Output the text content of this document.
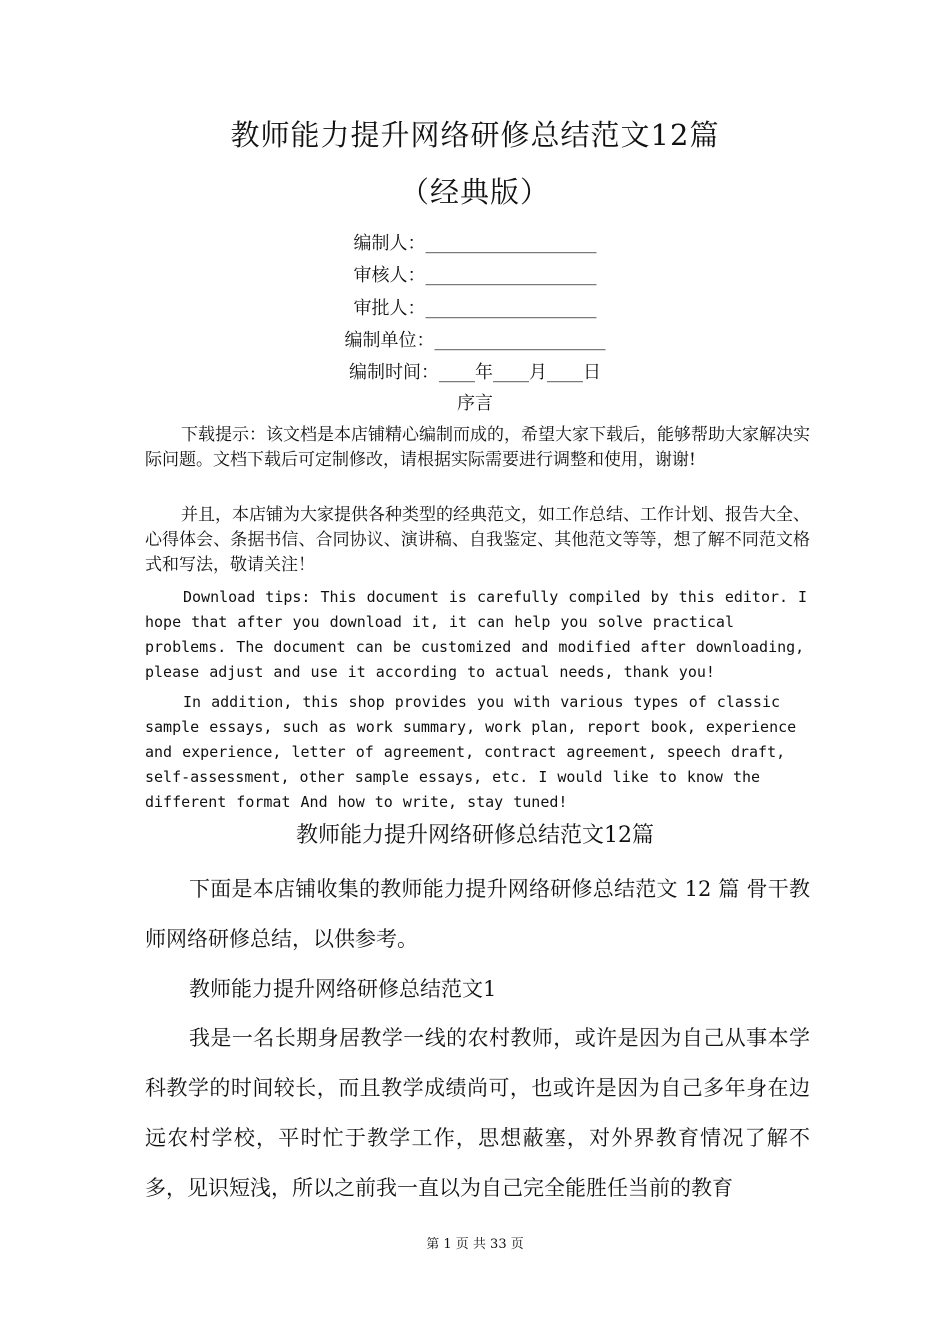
教师能力提升网络研修总结范文12篇
（经典版）
编制人：___________________
审核人：___________________
审批人：___________________
编制单位：___________________
编制时间：____年____月____日
序言
下载提示：该文档是本店铺精心编制而成的，希望大家下载后，能够帮助大家解决实际问题。文档下载后可定制修改，请根据实际需要进行调整和使用，谢谢!
并且，本店铺为大家提供各种类型的经典范文，如工作总结、工作计划、报告大全、心得体会、条据书信、合同协议、演讲稿、自我鉴定、其他范文等等，想了解不同范文格式和写法，敬请关注！
Download tips: This document is carefully compiled by this editor. I hope that after you download it, it can help you solve practical problems. The document can be customized and modified after downloading, please adjust and use it according to actual needs, thank you!
In addition, this shop provides you with various types of classic sample essays, such as work summary, work plan, report book, experience and experience, letter of agreement, contract agreement, speech draft, self-assessment, other sample essays, etc. I would like to know the different format And how to write, stay tuned!
教师能力提升网络研修总结范文12篇
下面是本店铺收集的教师能力提升网络研修总结范文 12 篇 骨干教师网络研修总结，以供参考。
教师能力提升网络研修总结范文1
我是一名长期身居教学一线的农村教师，或许是因为自己从事本学科教学的时间较长，而且教学成绩尚可，也或许是因为自己多年身在边远农村学校，平时忙于教学工作，思想蔽塞，对外界教育情况了解不多，见识短浅，所以之前我一直以为自己完全能胜任当前的教育
第 1 页 共 33 页
